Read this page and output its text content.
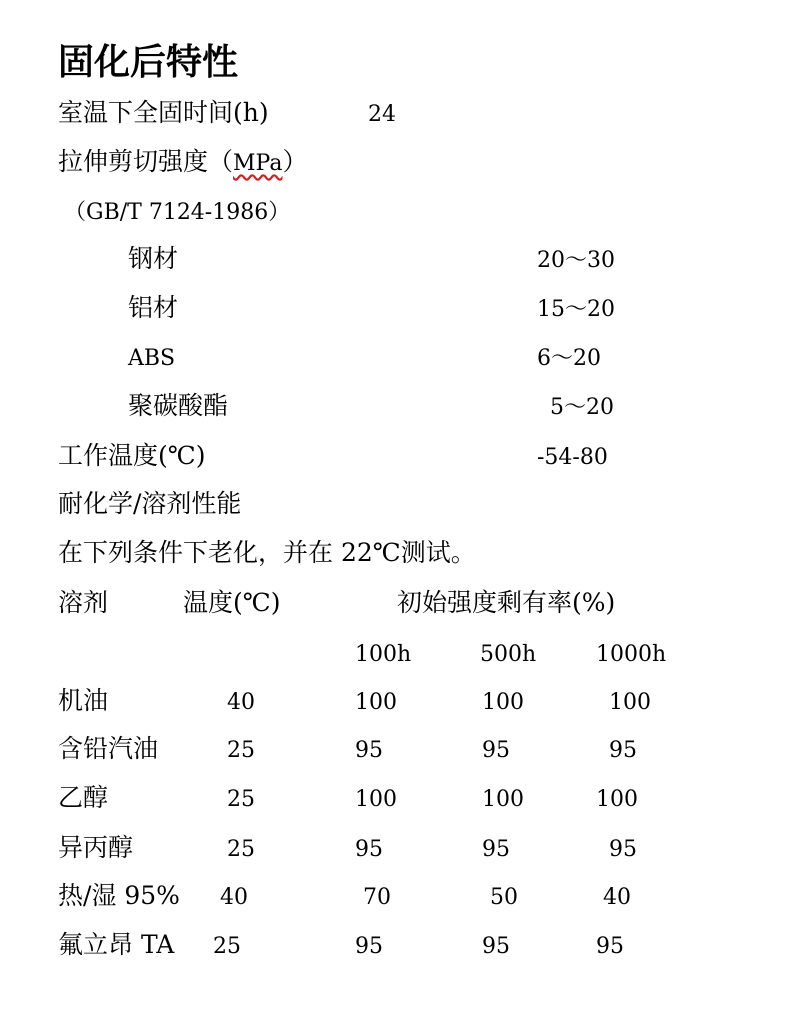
固化后特性
室温下全固时间(h)	24
拉伸剪切强度（MPa）
（GB/T 7124-1986）
钢材	20～30
铝材	15～20
ABS	6～20
聚碳酸酯	5～20
工作温度(℃)	-54-80
耐化学/溶剂性能
在下列条件下老化，并在 22℃测试。
溶剂	温度(℃)	初始强度剩有率(%)
100h	500h	1000h
机油	40	100	100	100
含铅汽油	25	95	95	95
乙醇	25	100	100	100
异丙醇	25	95	95	95
热/湿 95% 40	70	50	40
氟立昂 TA 25	95	95	95
